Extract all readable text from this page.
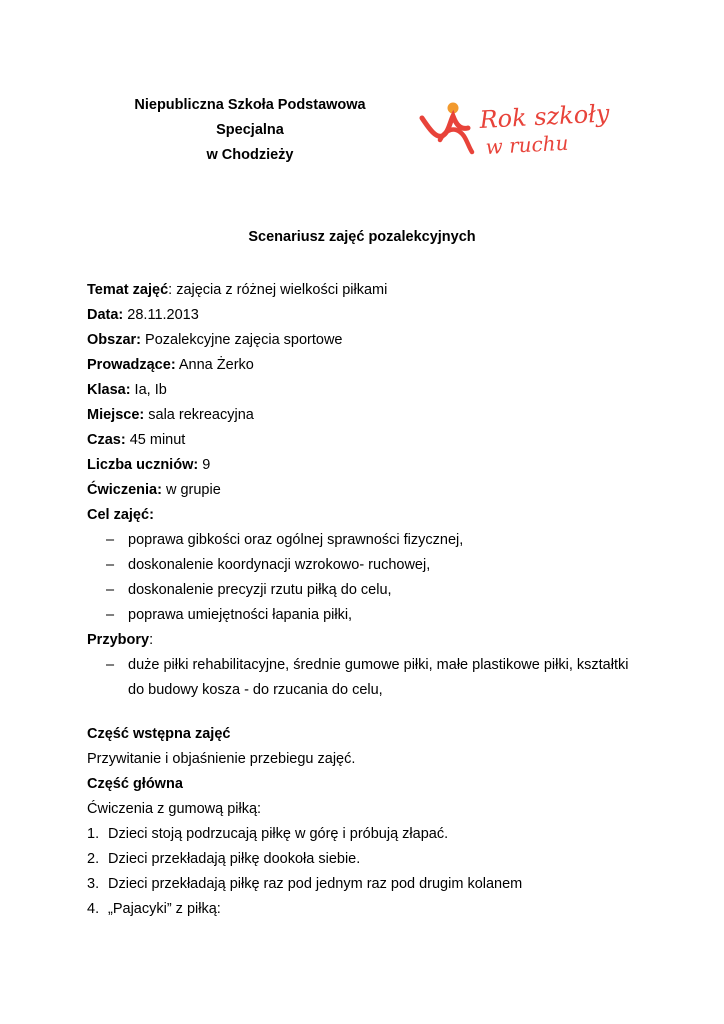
Niepubliczna Szkoła Podstawowa
Specjalna
w Chodzieży
Rok szkoły
w ruchu
Scenariusz zajęć pozalekcyjnych
Temat zajęć: zajęcia z różnej wielkości piłkami
Data: 28.11.2013
Obszar: Pozalekcyjne zajęcia sportowe
Prowadzące: Anna Żerko
Klasa: Ia, Ib
Miejsce: sala rekreacyjna
Czas: 45 minut
Liczba uczniów: 9
Ćwiczenia: w grupie
Cel zajęć:
– poprawa gibkości oraz ogólnej sprawności fizycznej,
– doskonalenie koordynacji wzrokowo- ruchowej,
– doskonalenie precyzji rzutu piłką do celu,
– poprawa umiejętności łapania piłki,
Przybory:
– duże piłki rehabilitacyjne, średnie gumowe piłki, małe plastikowe piłki, kształtki
do budowy kosza - do rzucania do celu,
Część wstępna zajęć
Przywitanie i objaśnienie przebiegu zajęć.
Część główna
Ćwiczenia z gumową piłką:
1. Dzieci stoją podrzucają piłkę w górę i próbują złapać.
2. Dzieci przekładają piłkę dookoła siebie.
3. Dzieci przekładają piłkę raz pod jednym raz pod drugim kolanem
4. „Pajacyki” z piłką:
